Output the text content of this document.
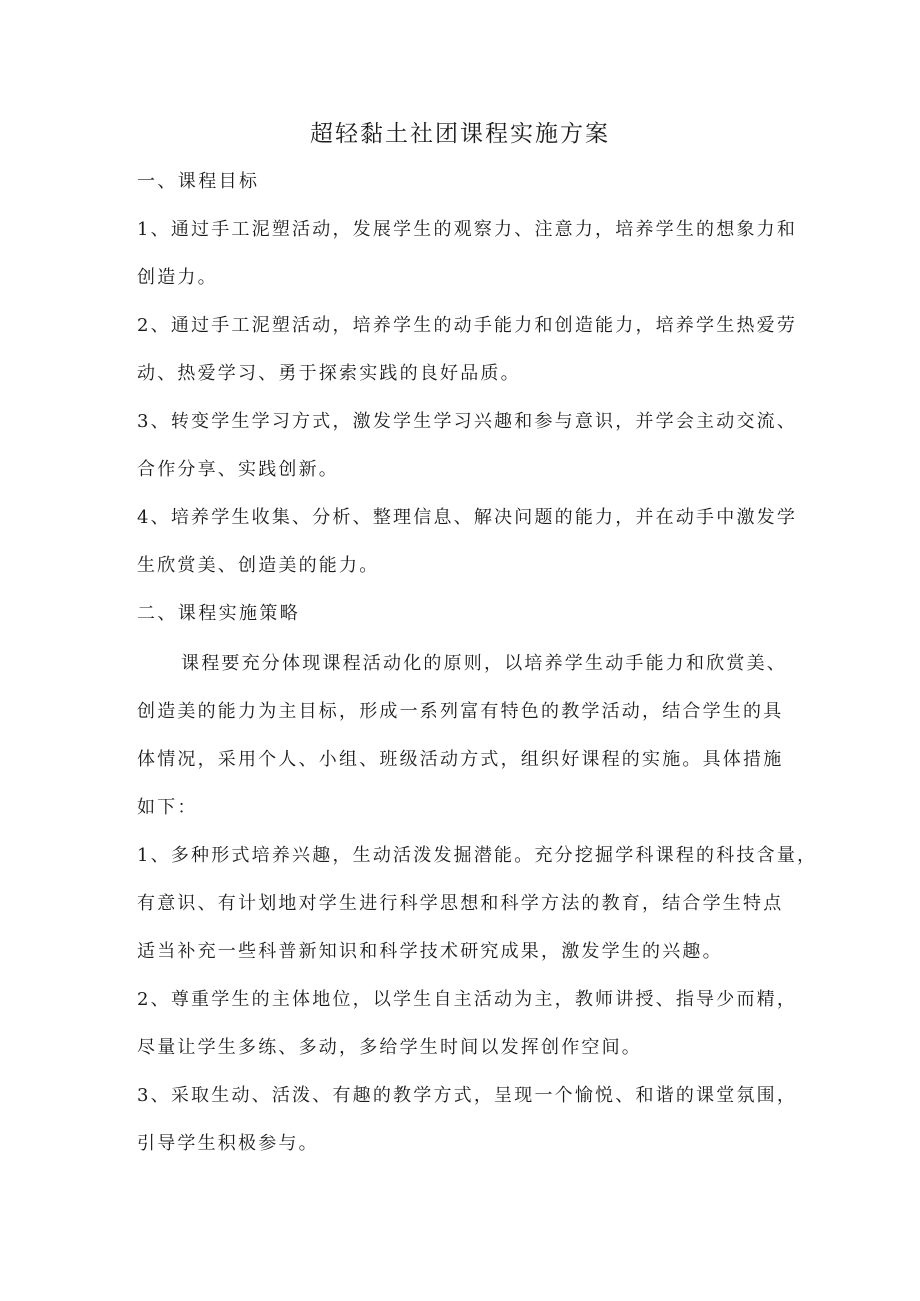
超轻黏土社团课程实施方案

一、课程目标

1、通过手工泥塑活动，发展学生的观察力、注意力，培养学生的想象力和

创造力。

2、通过手工泥塑活动，培养学生的动手能力和创造能力，培养学生热爱劳

动、热爱学习、勇于探索实践的良好品质。

3、转变学生学习方式，激发学生学习兴趣和参与意识，并学会主动交流、

合作分享、实践创新。

4、培养学生收集、分析、整理信息、解决问题的能力，并在动手中激发学

生欣赏美、创造美的能力。

二、课程实施策略

课程要充分体现课程活动化的原则，以培养学生动手能力和欣赏美、

创造美的能力为主目标，形成一系列富有特色的教学活动，结合学生的具

体情况，采用个人、小组、班级活动方式，组织好课程的实施。具体措施

如下：

1、多种形式培养兴趣，生动活泼发掘潜能。充分挖掘学科课程的科技含量，

有意识、有计划地对学生进行科学思想和科学方法的教育，结合学生特点

适当补充一些科普新知识和科学技术研究成果，激发学生的兴趣。

2、尊重学生的主体地位，以学生自主活动为主，教师讲授、指导少而精，

尽量让学生多练、多动，多给学生时间以发挥创作空间。

3、采取生动、活泼、有趣的教学方式，呈现一个愉悦、和谐的课堂氛围，

引导学生积极参与。
